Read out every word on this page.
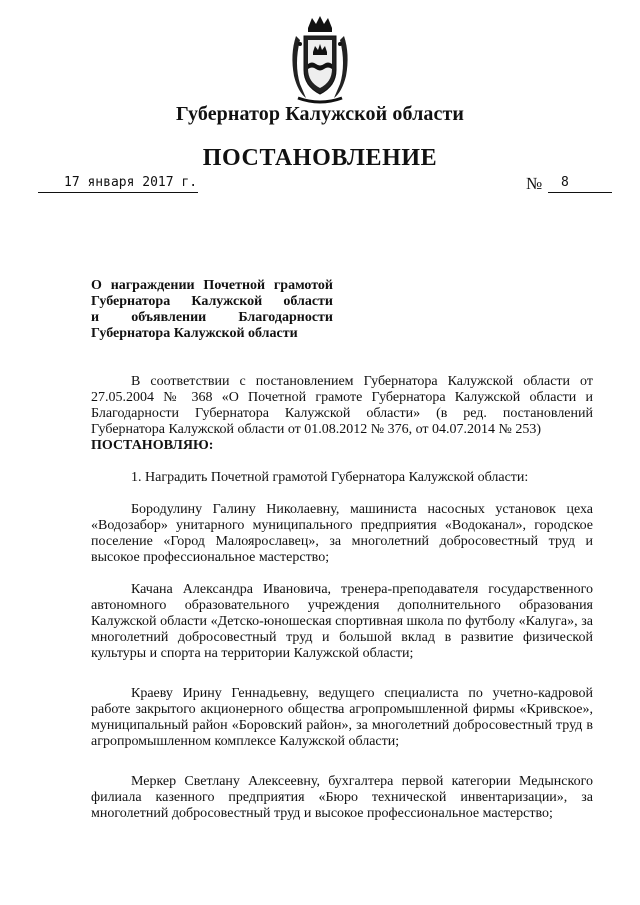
Губернатор Калужской области
ПОСТАНОВЛЕНИЕ
17 января 2017 г.	№ 8
О награждении Почетной грамотой
Губернатора Калужской области
и объявлении Благодарности
Губернатора Калужской области
В соответствии с постановлением Губернатора Калужской области от 27.05.2004 № 368 «О Почетной грамоте Губернатора Калужской области и Благодарности Губернатора Калужской области» (в ред. постановлений Губернатора Калужской области от 01.08.2012 № 376, от 04.07.2014 № 253)
ПОСТАНОВЛЯЮ:
1. Наградить Почетной грамотой Губернатора Калужской области:
Бородулину Галину Николаевну, машиниста насосных установок цеха «Водозабор» унитарного муниципального предприятия «Водоканал», городское поселение «Город Малоярославец», за многолетний добросовестный труд и высокое профессиональное мастерство;
Качана Александра Ивановича, тренера-преподавателя государственного автономного образовательного учреждения дополнительного образования Калужской области «Детско-юношеская спортивная школа по футболу «Калуга», за многолетний добросовестный труд и большой вклад в развитие физической культуры и спорта на территории Калужской области;
Краеву Ирину Геннадьевну, ведущего специалиста по учетно-кадровой работе закрытого акционерного общества агропромышленной фирмы «Кривское», муниципальный район «Боровский район», за многолетний добросовестный труд в агропромышленном комплексе Калужской области;
Меркер Светлану Алексеевну, бухгалтера первой категории Медынского филиала казенного предприятия «Бюро технической инвентаризации», за многолетний добросовестный труд и высокое профессиональное мастерство;
